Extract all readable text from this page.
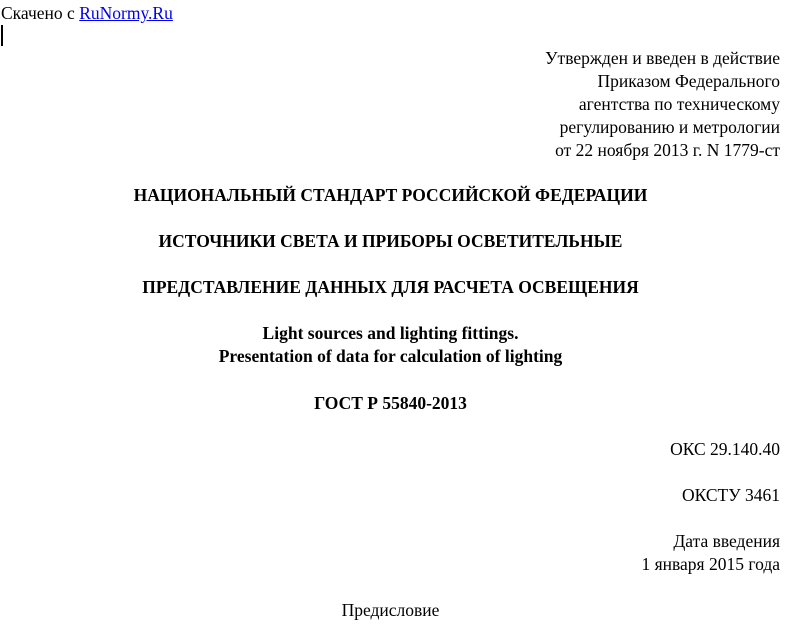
Скачено с RuNormy.Ru
Утвержден и введен в действие
Приказом Федерального
агентства по техническому
регулированию и метрологии
от 22 ноября 2013 г. N 1779-ст
НАЦИОНАЛЬНЫЙ СТАНДАРТ РОССИЙСКОЙ ФЕДЕРАЦИИ
ИСТОЧНИКИ СВЕТА И ПРИБОРЫ ОСВЕТИТЕЛЬНЫЕ
ПРЕДСТАВЛЕНИЕ ДАННЫХ ДЛЯ РАСЧЕТА ОСВЕЩЕНИЯ
Light sources and lighting fittings.
Presentation of data for calculation of lighting
ГОСТ Р 55840-2013
ОКС 29.140.40
ОКСТУ 3461
Дата введения
1 января 2015 года
Предисловие
